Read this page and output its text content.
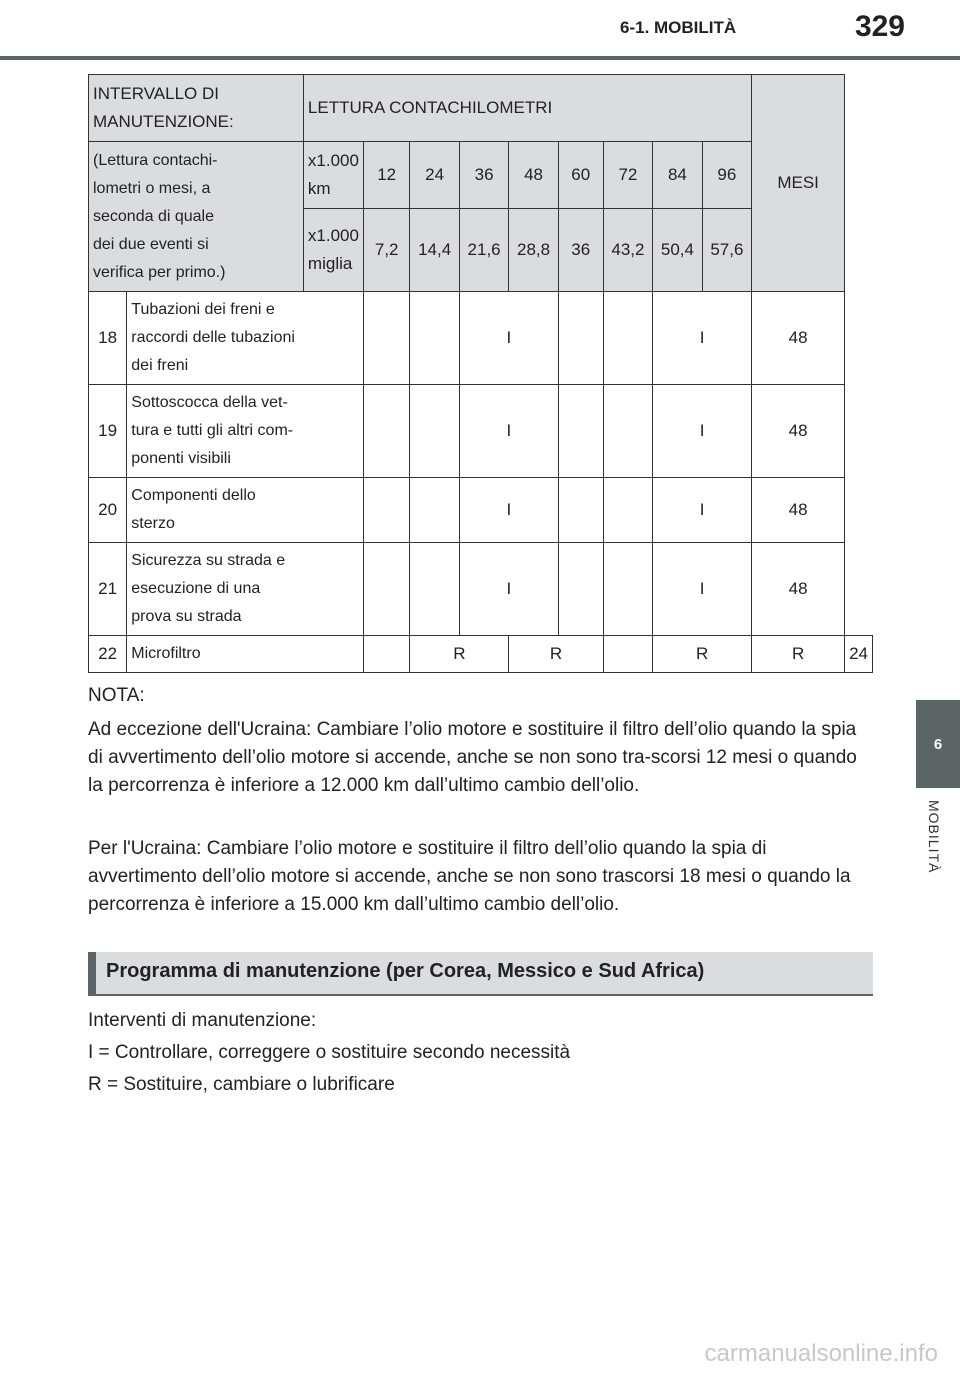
6-1. MOBILITÀ	329
6
MOBILITÀ
INTERVALLO DI
MANUTENZIONE:		LETTURA CONTACHILOMETRI									MESI	
(Lettura contachi-
lometri o mesi, a
seconda di quale
dei due eventi si
verifica per primo.)		x1.000
km	12	24	36	48	60	72	84	96		
		x1.000
miglia	7,2	14,4	21,6	28,8	36	43,2	50,4	57,6		
18	Tubazioni dei freni e
raccordi delle tubazioni
dei freni				I				I		48	
19	Sottoscocca della vet-
tura e tutti gli altri com-
ponenti visibili				I				I		48	
20	Componenti dello
sterzo				I				I		48	
21	Sicurezza su strada e
esecuzione di una
prova su strada				I				I		48	
22	Microfiltro			R		R			R		R	24
NOTA:
Ad eccezione dell'Ucraina: Cambiare l’olio motore e sostituire il filtro dell’olio quando la spia di avvertimento dell’olio motore si accende, anche se non sono tra-scorsi 12 mesi o quando la percorrenza è inferiore a 12.000 km dall’ultimo cambio dell’olio.
Per l'Ucraina: Cambiare l’olio motore e sostituire il filtro dell’olio quando la spia di avvertimento dell’olio motore si accende, anche se non sono trascorsi 18 mesi o quando la percorrenza è inferiore a 15.000 km dall’ultimo cambio dell’olio.
Programma di manutenzione (per Corea, Messico e Sud Africa)
Interventi di manutenzione:
I = Controllare, correggere o sostituire secondo necessità
R = Sostituire, cambiare o lubrificare
carmanualsonline.info
